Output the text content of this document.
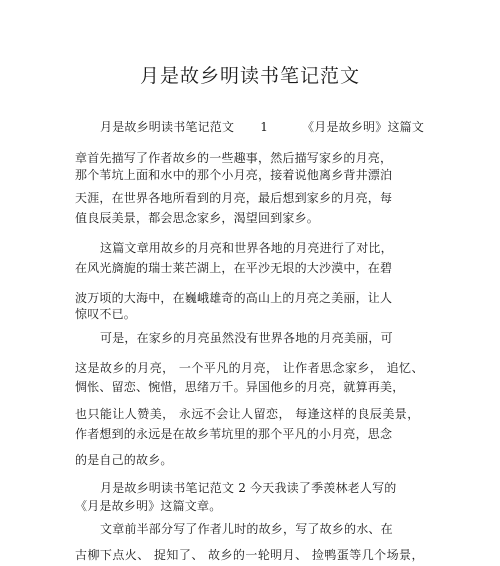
月是故乡明读书笔记范文
月是故乡明读书笔记范文 1	《月是故乡明》这篇文
章首先描写了作者故乡的一些趣事，然后描写家乡的月亮，
那个苇坑上面和水中的那个小月亮，接着说他离乡背井漂泊
天涯，在世界各地所看到的月亮，最后想到家乡的月亮，每
值良辰美景，都会思念家乡，渴望回到家乡。
这篇文章用故乡的月亮和世界各地的月亮进行了对比，
在风光旖旎的瑞士莱芒湖上，在平沙无垠的大沙漠中，在碧
波万顷的大海中，在巍峨雄奇的高山上的月亮之美丽，让人
惊叹不已。
可是，在家乡的月亮虽然没有世界各地的月亮美丽，可
这是故乡的月亮， 一个平凡的月亮， 让作者思念家乡， 追忆、
惆怅、留恋、惋惜，思绪万千。异国他乡的月亮，就算再美，
也只能让人赞美， 永远不会让人留恋， 每逢这样的良辰美景，
作者想到的永远是在故乡苇坑里的那个平凡的小月亮，思念
的是自己的故乡。
月是故乡明读书笔记范文 2 今天我读了季羡林老人写的
《月是故乡明》这篇文章。
文章前半部分写了作者儿时的故乡，写了故乡的水、在
古柳下点火、 捉知了、 故乡的一轮明月、 捡鸭蛋等几个场景，
